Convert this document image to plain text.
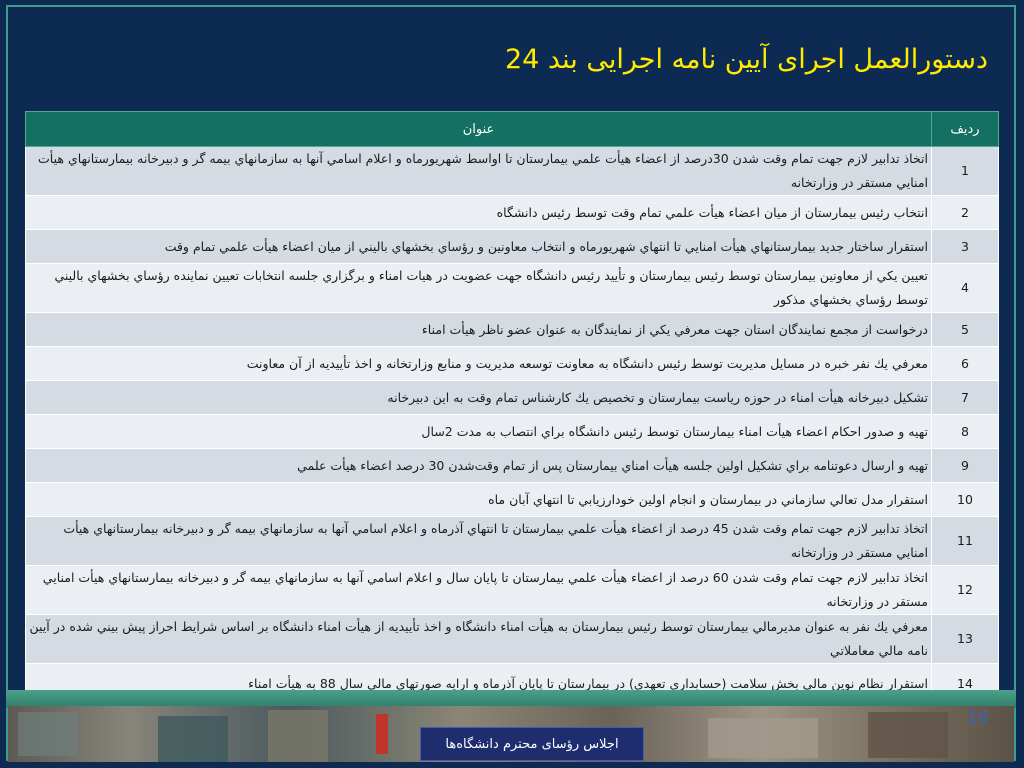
دستورالعمل اجرای آیین نامه اجرایی بند 24
رديف	عنوان
1	اتخاذ تدابير لازم جهت تمام وقت شدن 30درصد از اعضاء هيأت علمي بيمارستان تا اواسط شهريورماه و اعلام اسامي آنها به سازمانهاي بيمه گر و دبيرخانه بيمارستانهاي هيأت امنايي مستقر در وزارتخانه
2	انتخاب رئيس بيمارستان از ميان اعضاء هيأت علمي تمام وقت توسط رئيس دانشگاه
3	استقرار ساختار جديد بيمارستانهاي هيأت امنايي تا انتهاي شهريورماه و انتخاب معاونين و رؤساي بخشهاي باليني از ميان اعضاء هيأت علمي تمام وقت
4	تعيين يكي از معاونين بيمارستان توسط رئيس بيمارستان و تأييد رئيس دانشگاه جهت عضويت در هيات امناء و برگزاري جلسه انتخابات تعيين نماينده رؤساي بخشهاي باليني توسط رؤساي بخشهاي مذكور
5	درخواست از مجمع نمايندگان استان جهت معرفي يكي از نمايندگان به عنوان عضو ناظر هيأت امناء
6	معرفي يك نفر خبره در مسايل مديريت توسط رئيس دانشگاه به معاونت توسعه مديريت و منابع وزارتخانه و اخذ تأييديه از آن معاونت
7	تشكيل دبيرخانه هيأت امناء در حوزه رياست بيمارستان و تخصيص يك كارشناس تمام وقت به اين دبيرخانه
8	تهيه و صدور احكام اعضاء هيأت امناء بيمارستان توسط رئيس دانشگاه براي انتصاب به مدت 2سال
9	تهيه و ارسال دعوتنامه براي تشكيل اولين جلسه هيأت امناي بيمارستان پس از تمام وقت‌شدن 30 درصد اعضاء هيأت علمي
10	استقرار مدل تعالي سازماني در بيمارستان و انجام اولين خودارزيابي تا انتهاي آبان ماه
11	اتخاذ تدابير لازم جهت تمام وقت شدن 45 درصد از اعضاء هيأت علمي بيمارستان تا انتهاي آذرماه و اعلام اسامي آنها به سازمانهاي بيمه گر و دبيرخانه بيمارستانهاي هيأت امنايي مستقر در وزارتخانه
12	اتخاذ تدابير لازم جهت تمام وقت شدن 60 درصد از اعضاء هيأت علمي بيمارستان تا پايان سال و اعلام اسامي آنها به سازمانهاي بيمه گر و دبيرخانه بيمارستانهاي هيأت امنايي مستقر در وزارتخانه
13	معرفي يك نفر به عنوان مديرمالي بيمارستان توسط رئيس بيمارستان به هيأت امناء دانشگاه و اخذ تأييديه از هيأت امناء دانشگاه بر اساس شرايط احراز پيش بيني شده در آيين نامه مالي معاملاتي
14	استقرار نظام نوين مالي بخش سلامت (حسابداري تعهدي) در بيمارستان تا پايان آذرماه و ارايه صورتهاي مالي سال 88 به هيأت امناء
16
اجلاس رؤسای محترم دانشگاه‌ها
